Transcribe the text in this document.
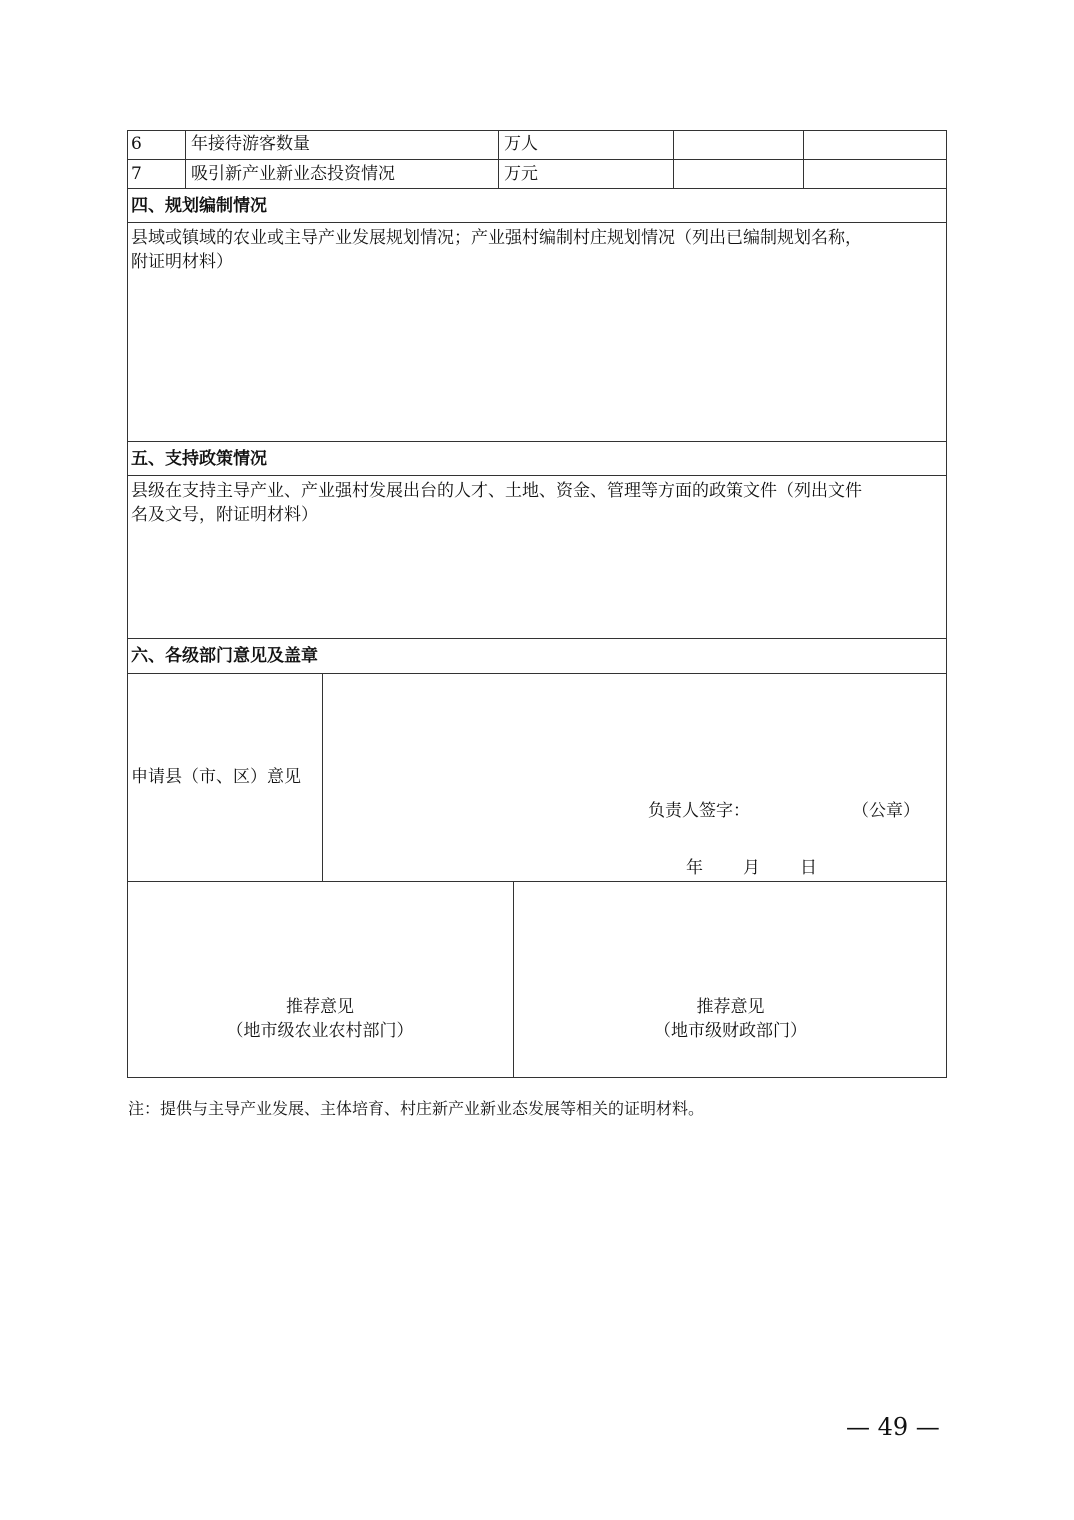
6	年接待游客数量	万人
7	吸引新产业新业态投资情况	万元
四、规划编制情况
县域或镇域的农业或主导产业发展规划情况；产业强村编制村庄规划情况（列出已编制规划名称，
附证明材料）
五、支持政策情况
县级在支持主导产业、产业强村发展出台的人才、土地、资金、管理等方面的政策文件（列出文件
名及文号，附证明材料）
六、各级部门意见及盖章
申请县（市、区）意见
负责人签字：	（公章）
年 月 日
推荐意见
（地市级农业农村部门）
推荐意见
（地市级财政部门）
注：提供与主导产业发展、主体培育、村庄新产业新业态发展等相关的证明材料。
— 49 —
